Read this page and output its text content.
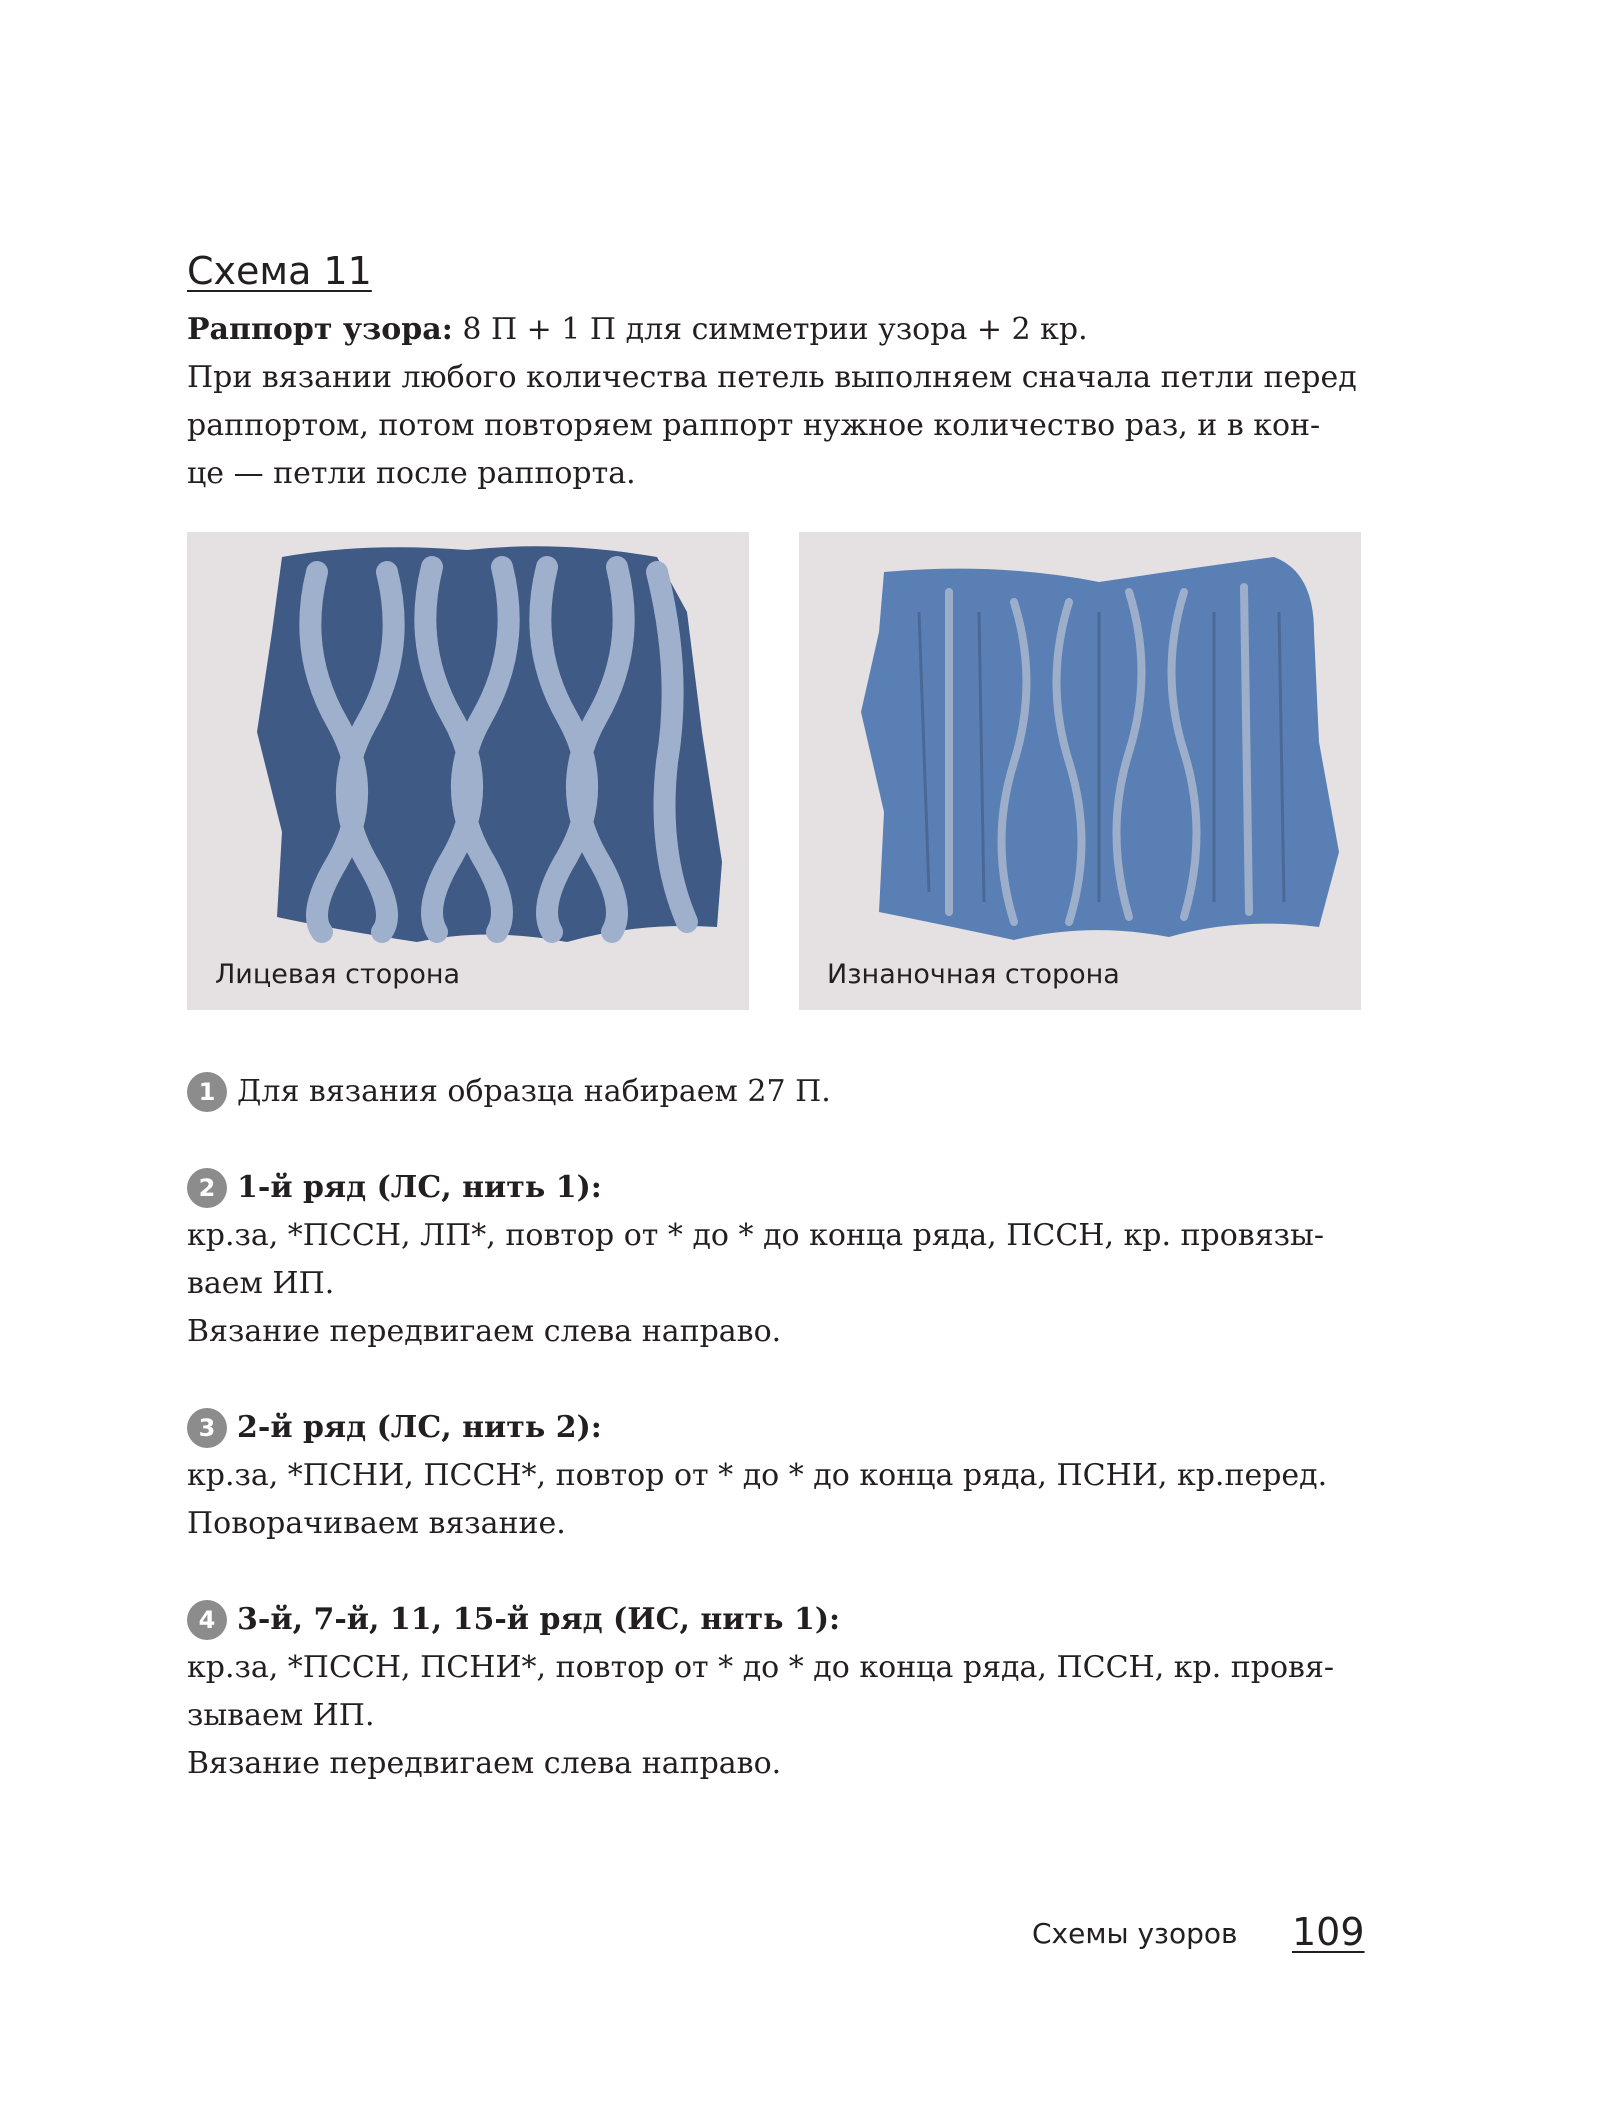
Схема 11

Раппорт узора: 8 П + 1 П для симметрии узора + 2 кр.

При вязании любого количества петель выполняем сначала петли перед
раппортом, потом повторяем раппорт нужное количество раз, и в кон-
це — петли после раппорта.

Лицевая сторона	Изнаночная сторона
1 Для вязания образца набираем 27 П.
2 1-й ряд (ЛС, нить 1):
кр.за, *ПССН, ЛП*, повтор от * до * до конца ряда, ПССН, кр. провязы-
ваем ИП.
Вязание передвигаем слева направо.
3 2-й ряд (ЛС, нить 2):
кр.за, *ПСНИ, ПССН*, повтор от * до * до конца ряда, ПСНИ, кр.перед.
Поворачиваем вязание.
4 3-й, 7-й, 11, 15-й ряд (ИС, нить 1):
кр.за, *ПССН, ПСНИ*, повтор от * до * до конца ряда, ПССН, кр. провя-
зываем ИП.
Вязание передвигаем слева направо.
Схемы узоров 109
